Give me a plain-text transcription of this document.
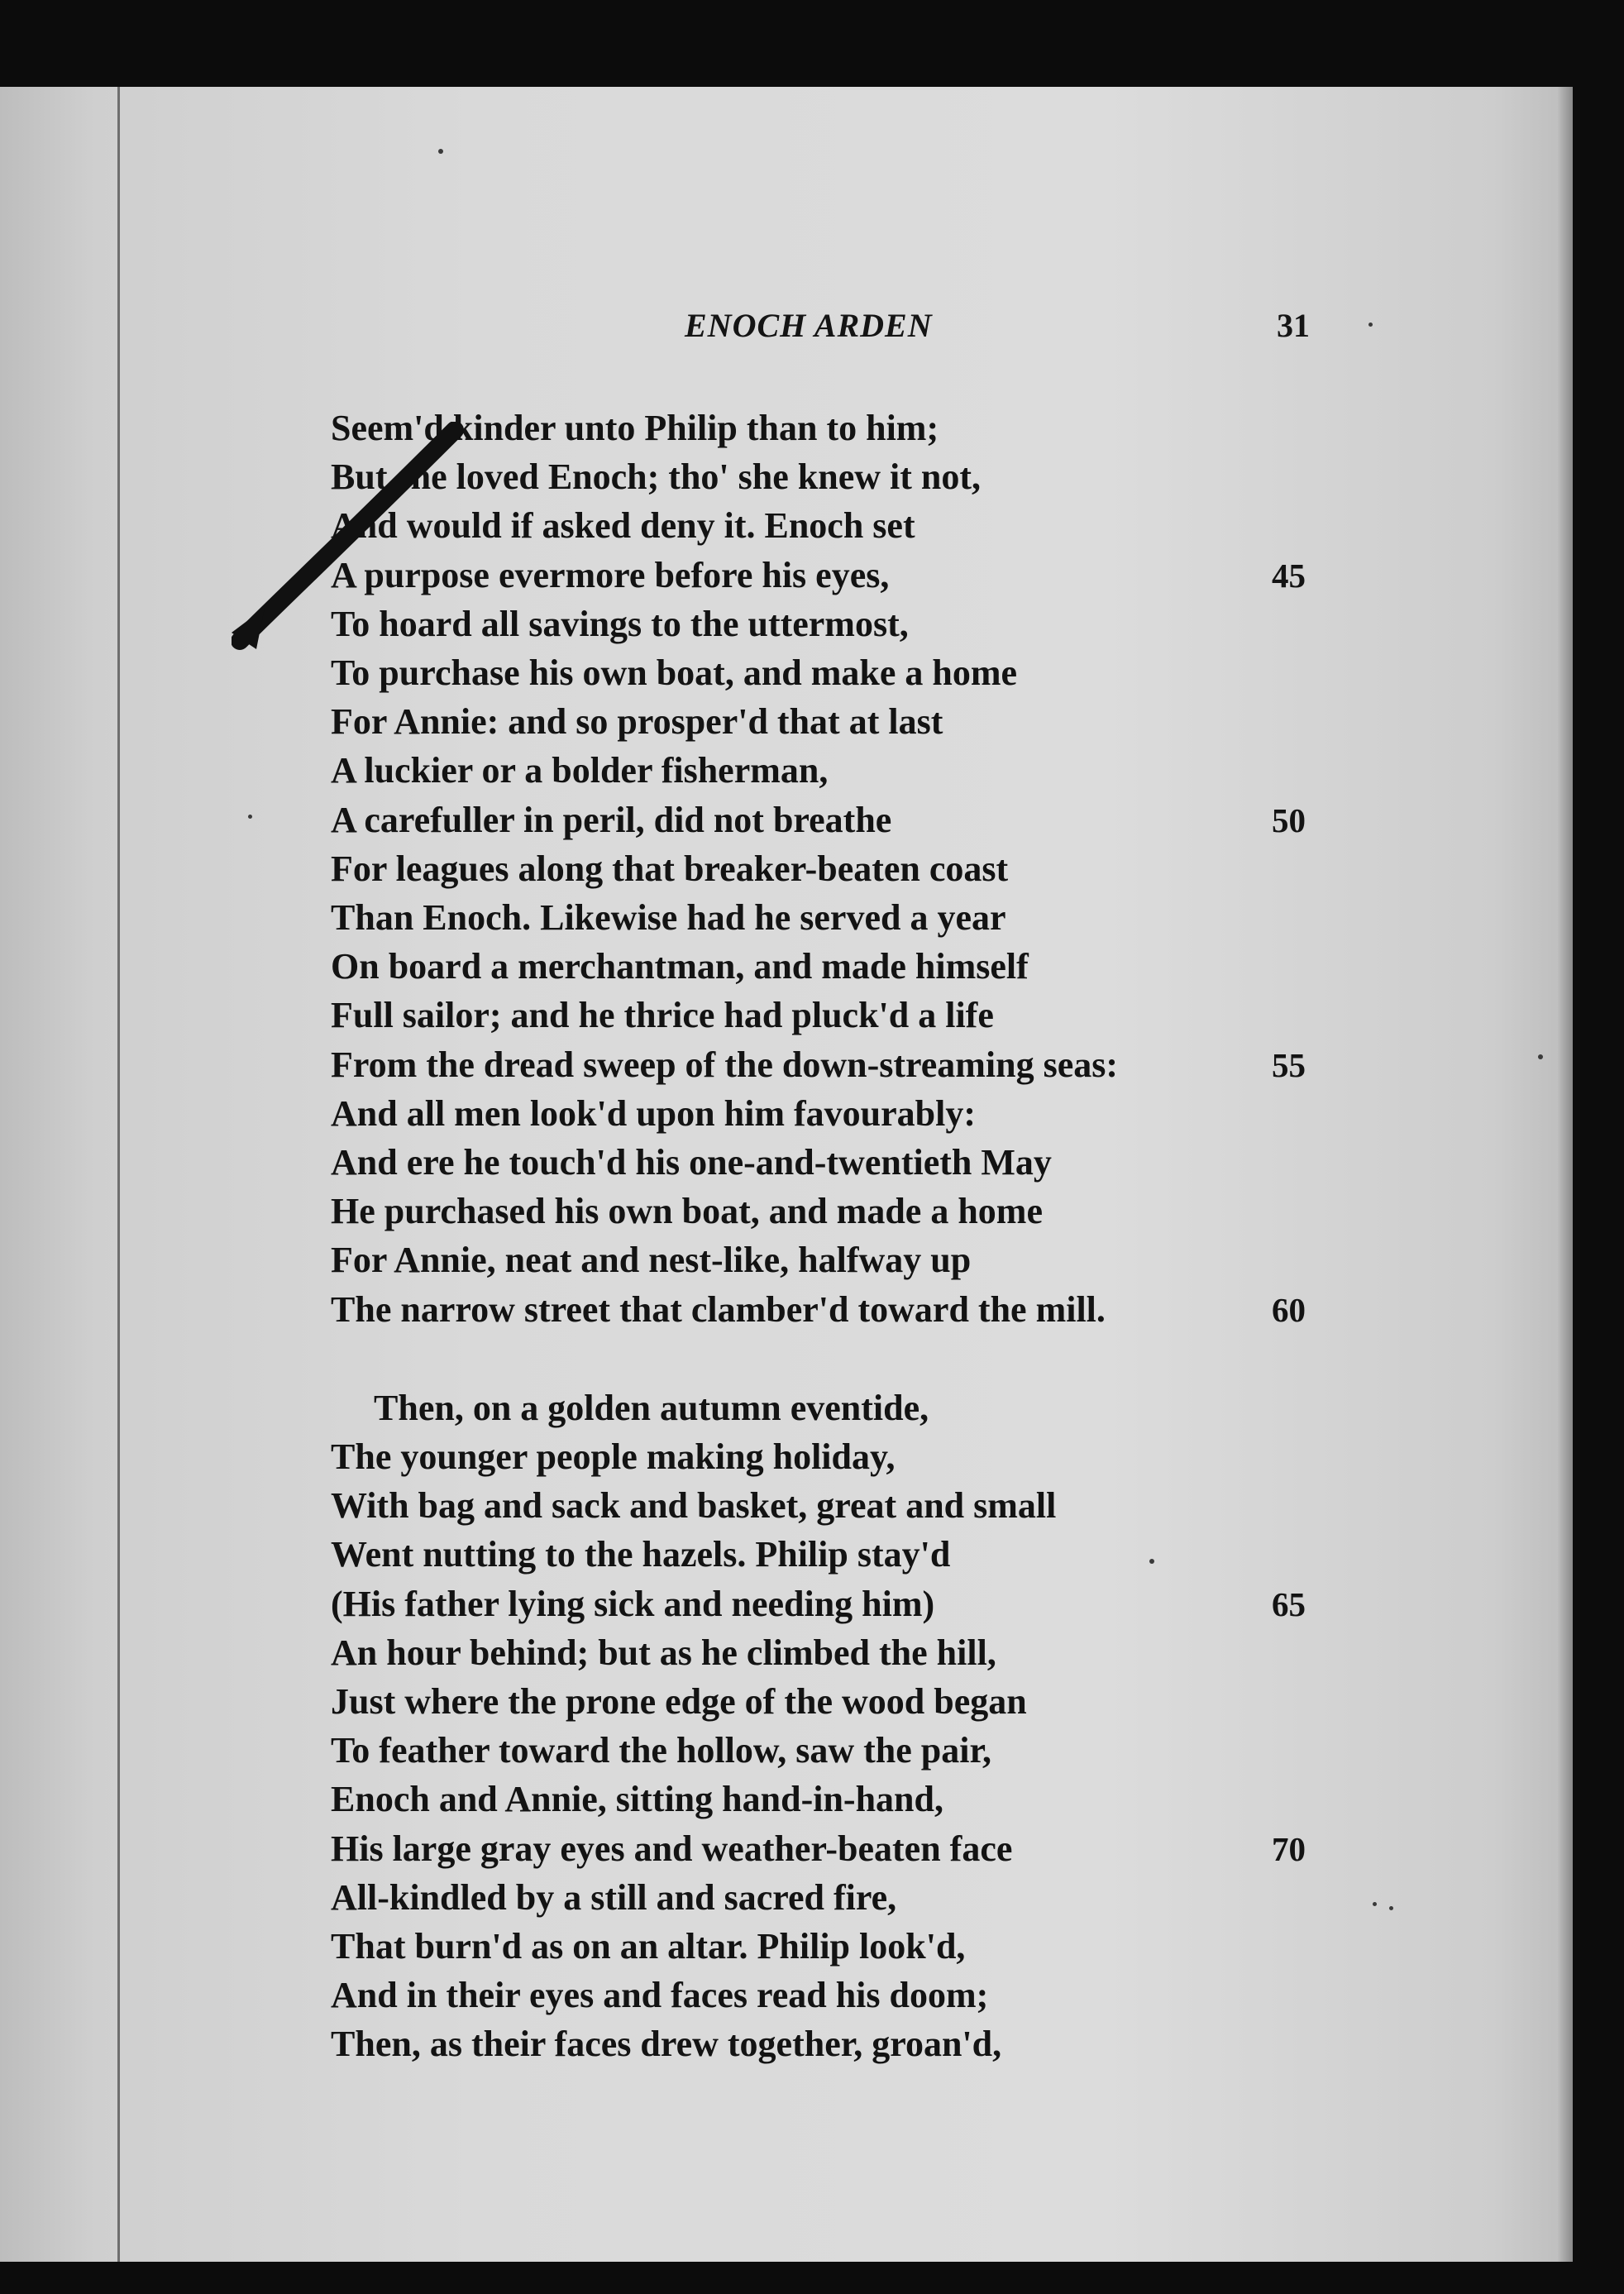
ENOCH ARDEN	31
Seem'd kinder unto Philip than to him;
But she loved Enoch; tho' she knew it not,
And would if asked deny it. Enoch set
A purpose evermore before his eyes,	45
To hoard all savings to the uttermost,
To purchase his own boat, and make a home
For Annie: and so prosper'd that at last
A luckier or a bolder fisherman,
A carefuller in peril, did not breathe	50
For leagues along that breaker-beaten coast
Than Enoch. Likewise had he served a year
On board a merchantman, and made himself
Full sailor; and he thrice had pluck'd a life
From the dread sweep of the down-streaming seas:	55
And all men look'd upon him favourably:
And ere he touch'd his one-and-twentieth May
He purchased his own boat, and made a home
For Annie, neat and nest-like, halfway up
The narrow street that clamber'd toward the mill.	60
Then, on a golden autumn eventide,
The younger people making holiday,
With bag and sack and basket, great and small
Went nutting to the hazels. Philip stay'd
(His father lying sick and needing him)	65
An hour behind; but as he climbed the hill,
Just where the prone edge of the wood began
To feather toward the hollow, saw the pair,
Enoch and Annie, sitting hand-in-hand,
His large gray eyes and weather-beaten face	70
All-kindled by a still and sacred fire,
That burn'd as on an altar. Philip look'd,
And in their eyes and faces read his doom;
Then, as their faces drew together, groan'd,
